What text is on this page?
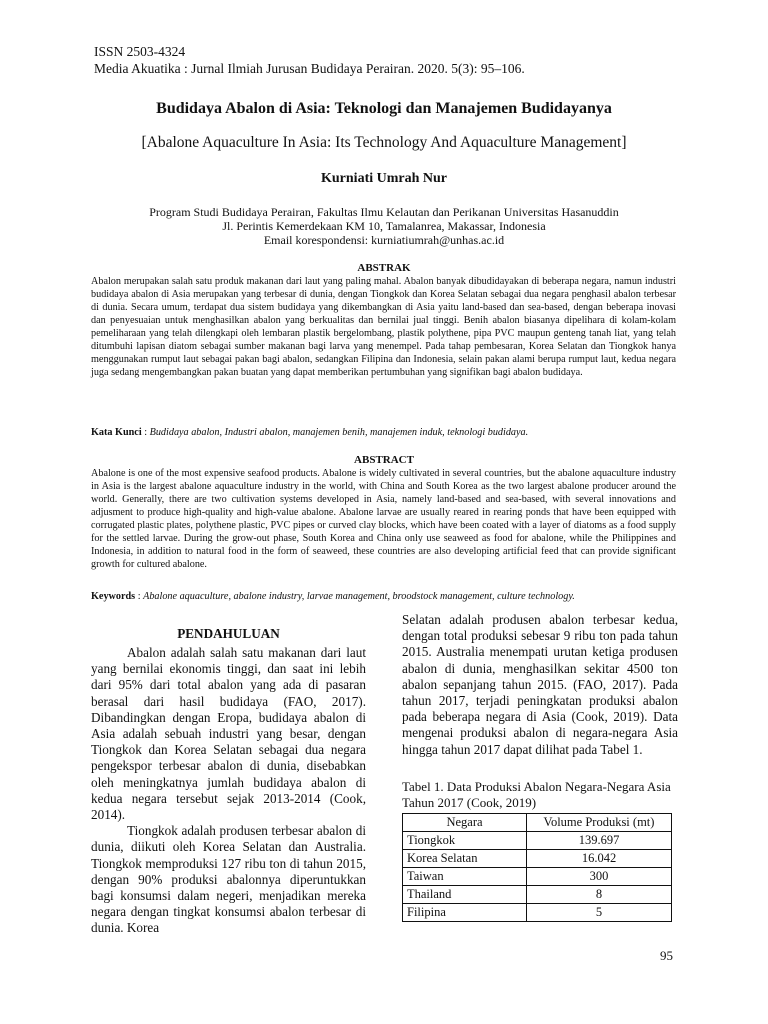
ISSN 2503-4324
Media Akuatika : Jurnal Ilmiah Jurusan Budidaya Perairan. 2020. 5(3): 95–106.
Budidaya Abalon di Asia: Teknologi dan Manajemen Budidayanya
[Abalone Aquaculture In Asia: Its Technology And Aquaculture Management]
Kurniati Umrah Nur
Program Studi Budidaya Perairan, Fakultas Ilmu Kelautan dan Perikanan Universitas Hasanuddin
Jl. Perintis Kemerdekaan KM 10, Tamalanrea, Makassar, Indonesia
Email korespondensi: kurniatiumrah@unhas.ac.id
ABSTRAK
Abalon merupakan salah satu produk makanan dari laut yang paling mahal. Abalon banyak dibudidayakan di beberapa negara, namun industri budidaya abalon di Asia merupakan yang terbesar di dunia, dengan Tiongkok dan Korea Selatan sebagai dua negara penghasil abalon terbesar di dunia. Secara umum, terdapat dua sistem budidaya yang dikembangkan di Asia yaitu land-based dan sea-based, dengan beberapa inovasi dan penyesuaian untuk menghasilkan abalon yang berkualitas dan bernilai jual tinggi. Benih abalon biasanya dipelihara di kolam-kolam pemeliharaan yang telah dilengkapi oleh lembaran plastik bergelombang, plastik polythene, pipa PVC maupun genteng tanah liat, yang telah ditumbuhi lapisan diatom sebagai sumber makanan bagi larva yang menempel. Pada tahap pembesaran, Korea Selatan dan Tiongkok hanya menggunakan rumput laut sebagai pakan bagi abalon, sedangkan Filipina dan Indonesia, selain pakan alami berupa rumput laut, kedua negara juga sedang mengembangkan pakan buatan yang dapat memberikan pertumbuhan yang signifikan bagi abalon budidaya.
Kata Kunci : Budidaya abalon, Industri abalon, manajemen benih, manajemen induk, teknologi budidaya.
ABSTRACT
Abalone is one of the most expensive seafood products. Abalone is widely cultivated in several countries, but the abalone aquaculture industry in Asia is the largest abalone aquaculture industry in the world, with China and South Korea as the two largest abalone producer around the world. Generally, there are two cultivation systems developed in Asia, namely land-based and sea-based, with several innovations and adjusment to produce high-quality and high-value abalone. Abalone larvae are usually reared in rearing ponds that have been equipped with corrugated plastic plates, polythene plastic, PVC pipes or curved clay blocks, which have been coated with a layer of diatoms as a food supply for the settled larvae. During the grow-out phase, South Korea and China only use seaweed as food for abalone, while the Philippines and Indonesia, in addition to natural food in the form of seaweed, these countries are also developing artificial feed that can provide significant growth for cultured abalone.
Keywords : Abalone aquaculture, abalone industry, larvae management, broodstock management, culture technology.
PENDAHULUAN

Abalon adalah salah satu makanan dari laut yang bernilai ekonomis tinggi, dan saat ini lebih dari 95% dari total abalon yang ada di pasaran berasal dari hasil budidaya (FAO, 2017). Dibandingkan dengan Eropa, budidaya abalon di Asia adalah sebuah industri yang besar, dengan Tiongkok dan Korea Selatan sebagai dua negara pengekspor terbesar abalon di dunia, disebabkan oleh meningkatnya jumlah budidaya abalon di kedua negara tersebut sejak 2013-2014 (Cook, 2014).

Tiongkok adalah produsen terbesar abalon di dunia, diikuti oleh Korea Selatan dan Australia. Tiongkok memproduksi 127 ribu ton di tahun 2015, dengan 90% produksi abalonnya diperuntukkan bagi konsumsi dalam negeri, menjadikan mereka negara dengan tingkat konsumsi abalon terbesar di dunia. Korea

Selatan adalah produsen abalon terbesar kedua, dengan total produksi sebesar 9 ribu ton pada tahun 2015. Australia menempati urutan ketiga produsen abalon di dunia, menghasilkan sekitar 4500 ton abalon sepanjang tahun 2015. (FAO, 2017). Pada tahun 2017, terjadi peningkatan produksi abalon pada beberapa negara di Asia (Cook, 2019). Data mengenai produksi abalon di negara-negara Asia hingga tahun 2017 dapat dilihat pada Tabel 1.

Tabel 1. Data Produksi Abalon Negara-Negara Asia Tahun 2017 (Cook, 2019)
Negara	Volume Produksi (mt)
Tiongkok	139.697
Korea Selatan	16.042
Taiwan	300
Thailand	8
Filipina	5
95
